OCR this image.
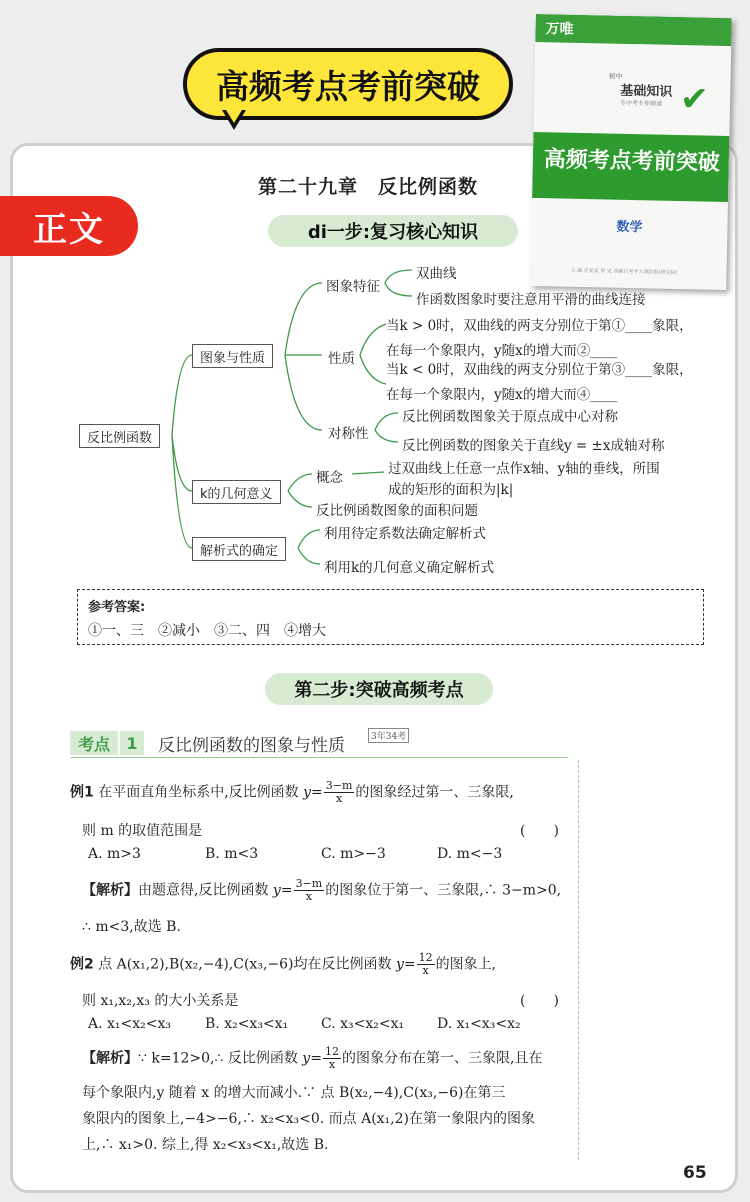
高频考点考前突破
万唯
初中
基础知识
专中考专你频道 ✔
高频考点考前突破
数学
主 编 史某某 审 定 西藏自考学大课院报(研究院)
正文
第二十九章　反比例函数
di一步:复习核心知识
反比例函数
图象与性质
k的几何意义
解析式的确定
图象特征
双曲线
作函数图象时要注意用平滑的曲线连接
性质
当k > 0时，双曲线的两支分别位于第①____象限，
在每一个象限内，y随x的增大而②____
当k < 0时，双曲线的两支分别位于第③____象限，
在每一个象限内，y随x的增大而④____
对称性
反比例函数图象关于原点成中心对称
反比例函数的图象关于直线y = ±x成轴对称
概念
过双曲线上任意一点作x轴、y轴的垂线，所围
成的矩形的面积为|k|
反比例函数图象的面积问题
利用待定系数法确定解析式
利用k的几何意义确定解析式
参考答案:
①一、三　②减小　③二、四　④增大
第二步:突破高频考点
考点	1	反比例函数的图象与性质	3年34考
例1 在平面直角坐标系中,反比例函数 $y= \frac{3-m}{x}$ 的图象经过第一、三象限,
则 m 的取值范围是	(　　)
A. m>3	B. m<3	C. m>−3	D. m<−3
【解析】由题意得,反比例函数 $y= \frac{3-m}{x}$ 的图象位于第一、三象限,∴ 3−m>0,
∴ m<3,故选 B.
例2 点 A(x₁,2),B(x₂,−4),C(x₃,−6)均在反比例函数 $y= \frac{12}{x}$ 的图象上,
则 x₁,x₂,x₃ 的大小关系是	(　　)
A. x₁<x₂<x₃ B. x₂<x₃<x₁ C. x₃<x₂<x₁ D. x₁<x₃<x₂
【解析】∵ k=12>0,∴ 反比例函数 $y= \frac{12}{x}$ 的图象分布在第一、三象限,且在
每个象限内,y 随着 x 的增大而减小.∵ 点 B(x₂,−4),C(x₃,−6)在第三
象限内的图象上,−4>−6,∴ x₂<x₃<0. 而点 A(x₁,2)在第一象限内的图象
上,∴ x₁>0. 综上,得 x₂<x₃<x₁,故选 B.
65
